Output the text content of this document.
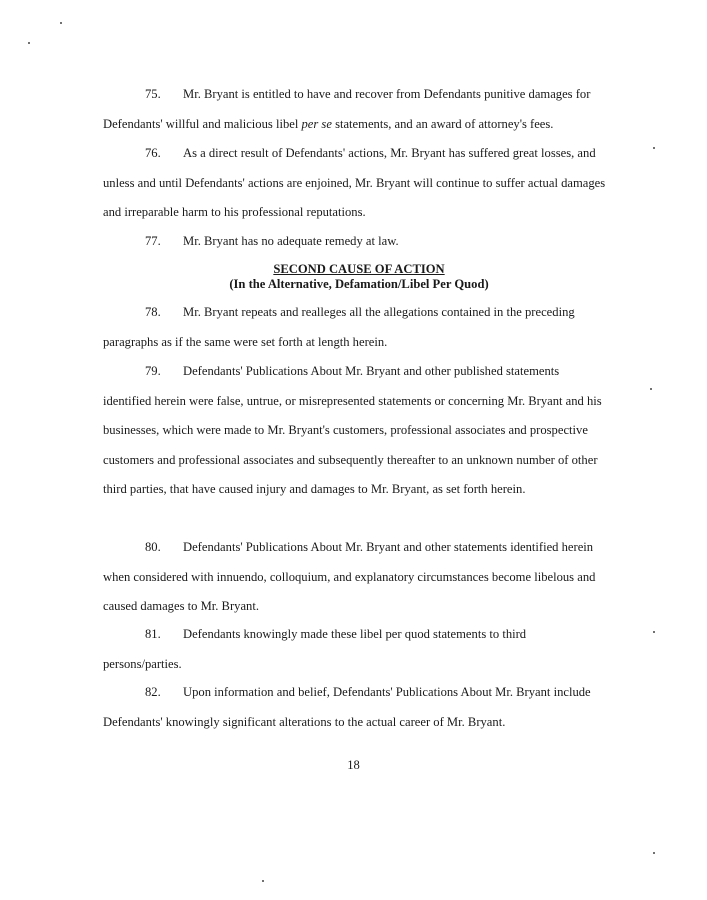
75. Mr. Bryant is entitled to have and recover from Defendants punitive damages for
Defendants' willful and malicious libel per se statements, and an award of attorney's fees.

76. As a direct result of Defendants' actions, Mr. Bryant has suffered great losses, and
unless and until Defendants' actions are enjoined, Mr. Bryant will continue to suffer actual damages and irreparable harm to his professional reputations.

77. Mr. Bryant has no adequate remedy at law.

SECOND CAUSE OF ACTION
(In the Alternative, Defamation/Libel Per Quod)

78. Mr. Bryant repeats and realleges all the allegations contained in the preceding
paragraphs as if the same were set forth at length herein.

79. Defendants' Publications About Mr. Bryant and other published statements
identified herein were false, untrue, or misrepresented statements or concerning Mr. Bryant and his businesses, which were made to Mr. Bryant's customers, professional associates and prospective customers and professional associates and subsequently thereafter to an unknown number of other third parties, that have caused injury and damages to Mr. Bryant, as set forth herein.

80. Defendants' Publications About Mr. Bryant and other statements identified herein
when considered with innuendo, colloquium, and explanatory circumstances become libelous and caused damages to Mr. Bryant.

81. Defendants knowingly made these libel per quod statements to third
persons/parties.

82. Upon information and belief, Defendants' Publications About Mr. Bryant include
Defendants' knowingly significant alterations to the actual career of Mr. Bryant.

18
